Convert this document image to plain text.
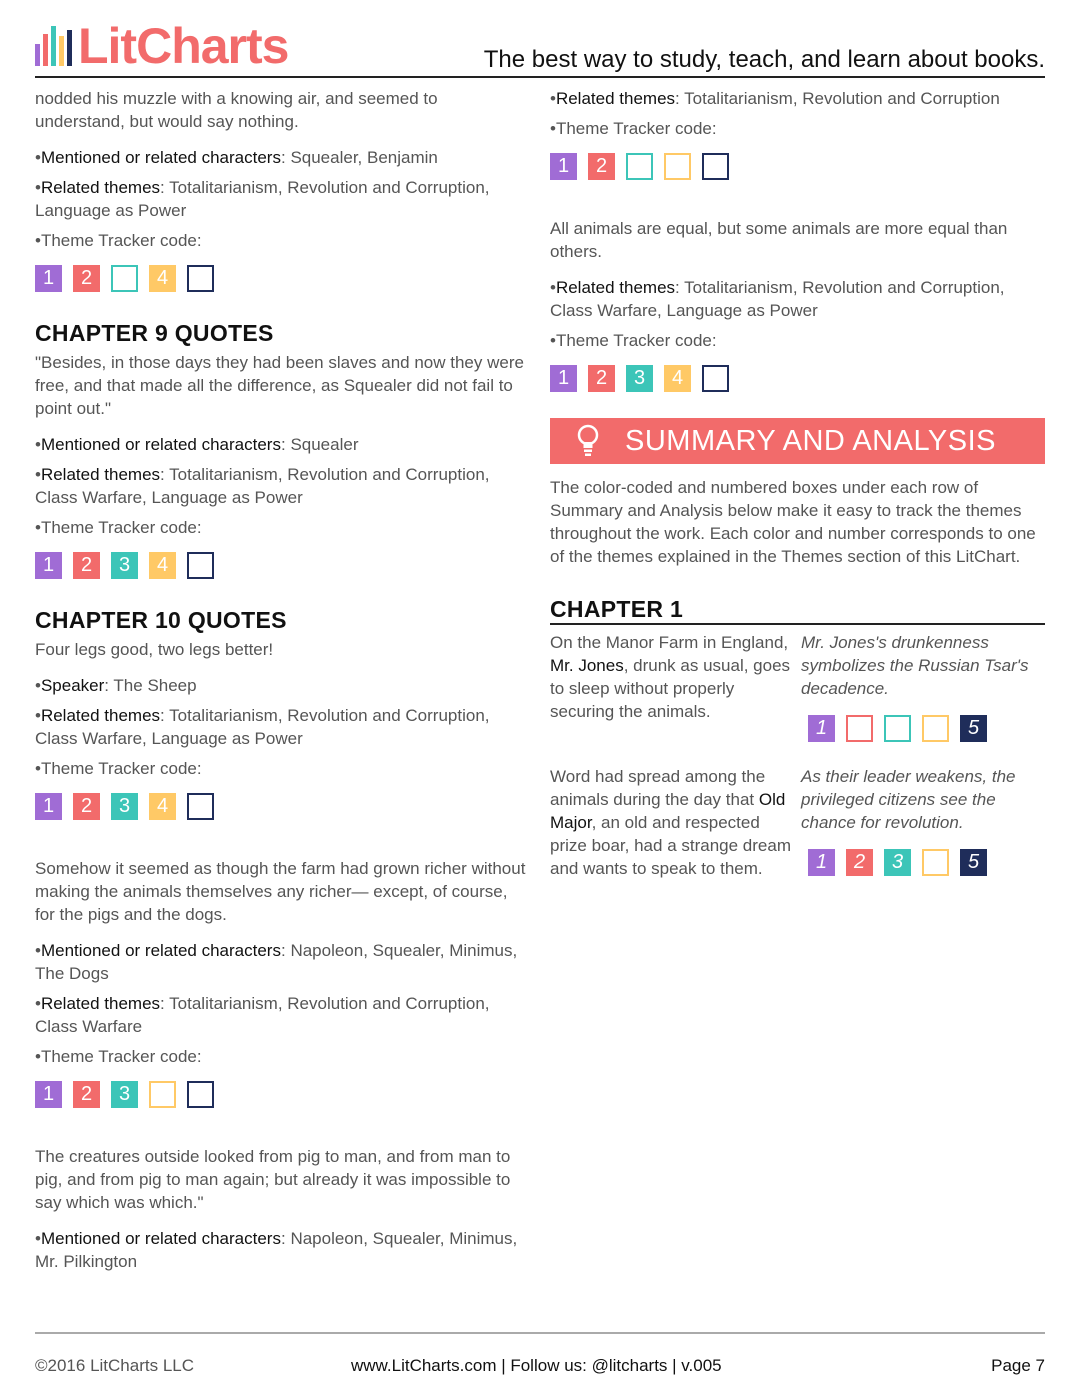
LitCharts	The best way to study, teach, and learn about books.

nodded his muzzle with a knowing air, and seemed to understand, but would say nothing.

•Mentioned or related characters: Squealer, Benjamin

•Related themes: Totalitarianism, Revolution and Corruption, Language as Power

•Theme Tracker code:

1	2	4
CHAPTER 9 QUOTES

"Besides, in those days they had been slaves and now they were free, and that made all the difference, as Squealer did not fail to point out."

•Mentioned or related characters: Squealer

•Related themes: Totalitarianism, Revolution and Corruption, Class Warfare, Language as Power

•Theme Tracker code:

1	2	3	4
CHAPTER 10 QUOTES

Four legs good, two legs better!

•Speaker: The Sheep

•Related themes: Totalitarianism, Revolution and Corruption, Class Warfare, Language as Power

•Theme Tracker code:

1	2	3	4

Somehow it seemed as though the farm had grown richer without making the animals themselves any richer— except, of course, for the pigs and the dogs.

•Mentioned or related characters: Napoleon, Squealer, Minimus, The Dogs

•Related themes: Totalitarianism, Revolution and Corruption, Class Warfare

•Theme Tracker code:

1	2	3

The creatures outside looked from pig to man, and from man to pig, and from pig to man again; but already it was impossible to say which was which."

•Mentioned or related characters: Napoleon, Squealer, Minimus, Mr. Pilkington

•Related themes: Totalitarianism, Revolution and Corruption

•Theme Tracker code:

1	2

All animals are equal, but some animals are more equal than others.

•Related themes: Totalitarianism, Revolution and Corruption, Class Warfare, Language as Power

•Theme Tracker code:

1	2	3	4
SUMMARY AND ANALYSIS

The color-coded and numbered boxes under each row of Summary and Analysis below make it easy to track the themes throughout the work. Each color and number corresponds to one of the themes explained in the Themes section of this LitChart.

CHAPTER 1

On the Manor Farm in England, Mr. Jones, drunk as usual, goes to sleep without properly securing the animals.

Mr. Jones's drunkenness symbolizes the Russian Tsar's decadence.

1	5

Word had spread among the animals during the day that Old Major, an old and respected prize boar, had a strange dream and wants to speak to them.

As their leader weakens, the privileged citizens see the chance for revolution.

1	2	3	5
©2016 LitCharts LLC	www.LitCharts.com | Follow us: @litcharts | v.005	Page 7
